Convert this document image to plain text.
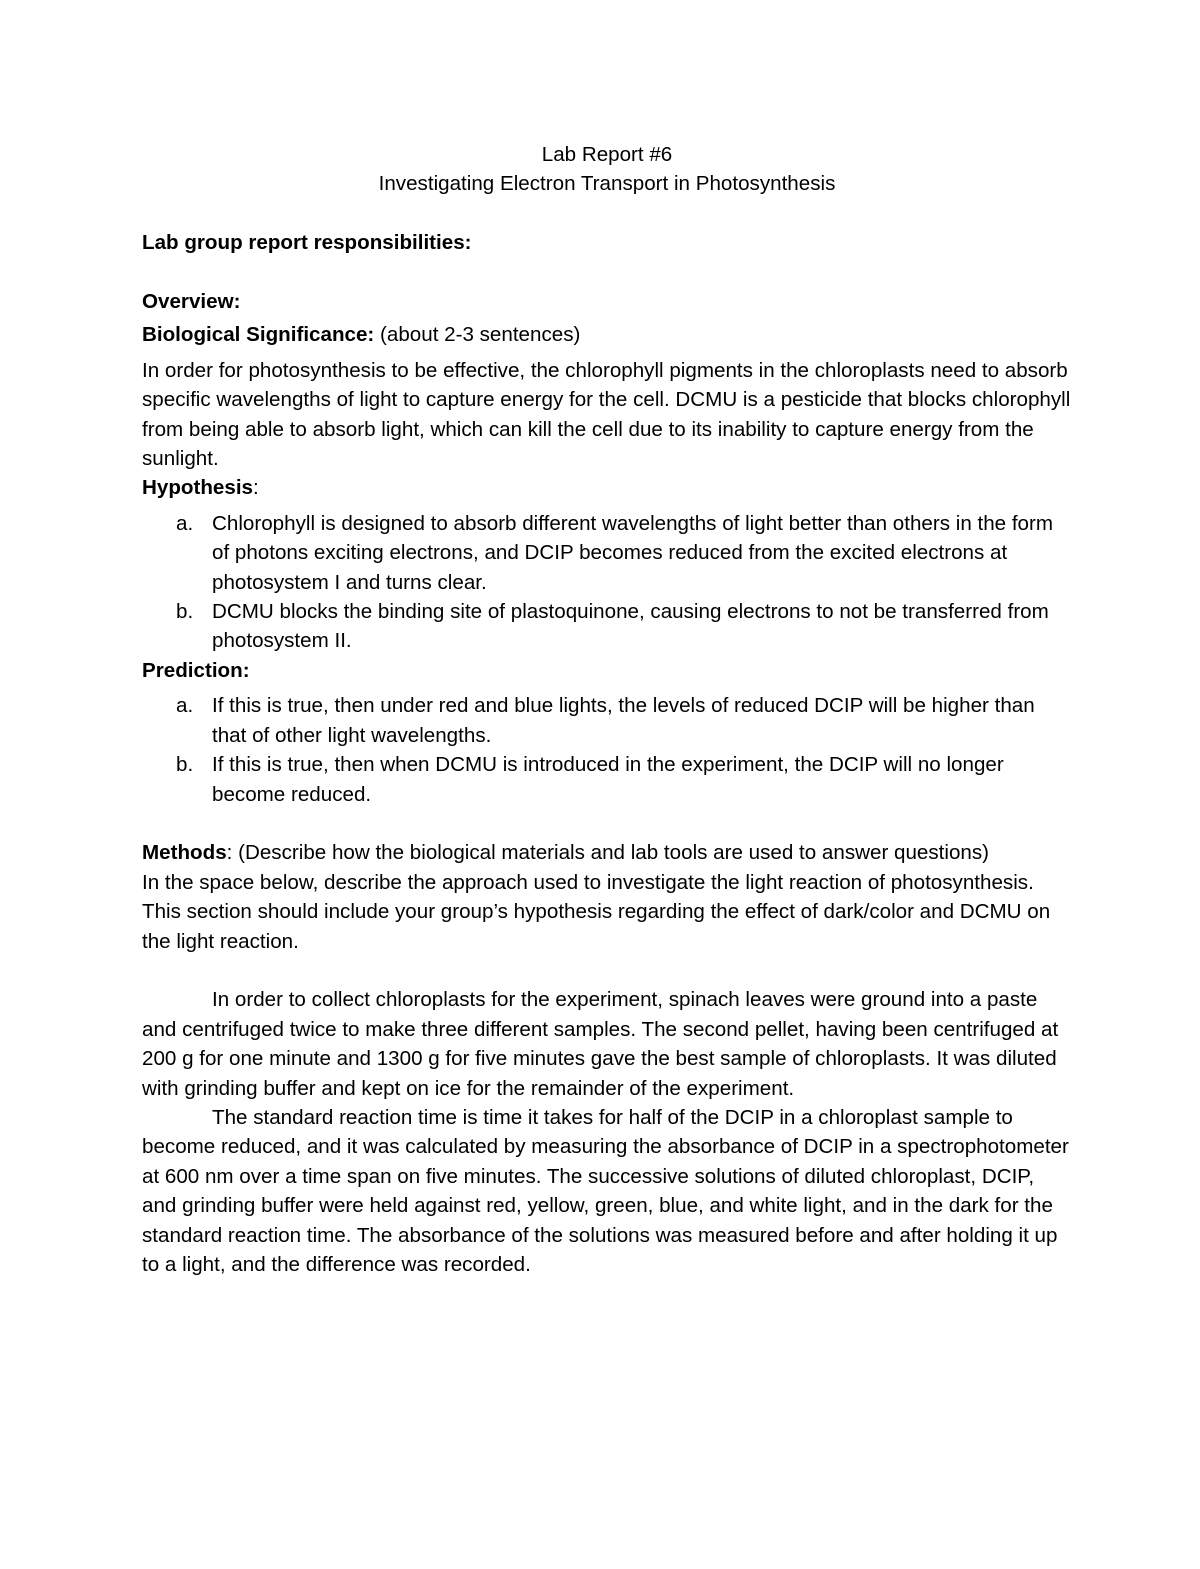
Lab Report #6
Investigating Electron Transport in Photosynthesis

Lab group report responsibilities:

Overview:

Biological Significance: (about 2-3 sentences)

In order for photosynthesis to be effective, the chlorophyll pigments in the chloroplasts need to absorb specific wavelengths of light to capture energy for the cell. DCMU is a pesticide that blocks chlorophyll from being able to absorb light, which can kill the cell due to its inability to capture energy from the sunlight.

Hypothesis:

a. Chlorophyll is designed to absorb different wavelengths of light better than others in the form of photons exciting electrons, and DCIP becomes reduced from the excited electrons at photosystem I and turns clear.
b. DCMU blocks the binding site of plastoquinone, causing electrons to not be transferred from photosystem II.

Prediction:

a. If this is true, then under red and blue lights, the levels of reduced DCIP will be higher than that of other light wavelengths.
b. If this is true, then when DCMU is introduced in the experiment, the DCIP will no longer become reduced.

Methods: (Describe how the biological materials and lab tools are used to answer questions)

In the space below, describe the approach used to investigate the light reaction of photosynthesis. This section should include your group’s hypothesis regarding the effect of dark/color and DCMU on the light reaction.

In order to collect chloroplasts for the experiment, spinach leaves were ground into a paste and centrifuged twice to make three different samples. The second pellet, having been centrifuged at 200 g for one minute and 1300 g for five minutes gave the best sample of chloroplasts. It was diluted with grinding buffer and kept on ice for the remainder of the experiment.

The standard reaction time is time it takes for half of the DCIP in a chloroplast sample to become reduced, and it was calculated by measuring the absorbance of DCIP in a spectrophotometer at 600 nm over a time span on five minutes. The successive solutions of diluted chloroplast, DCIP, and grinding buffer were held against red, yellow, green, blue, and white light, and in the dark for the standard reaction time. The absorbance of the solutions was measured before and after holding it up to a light, and the difference was recorded.
